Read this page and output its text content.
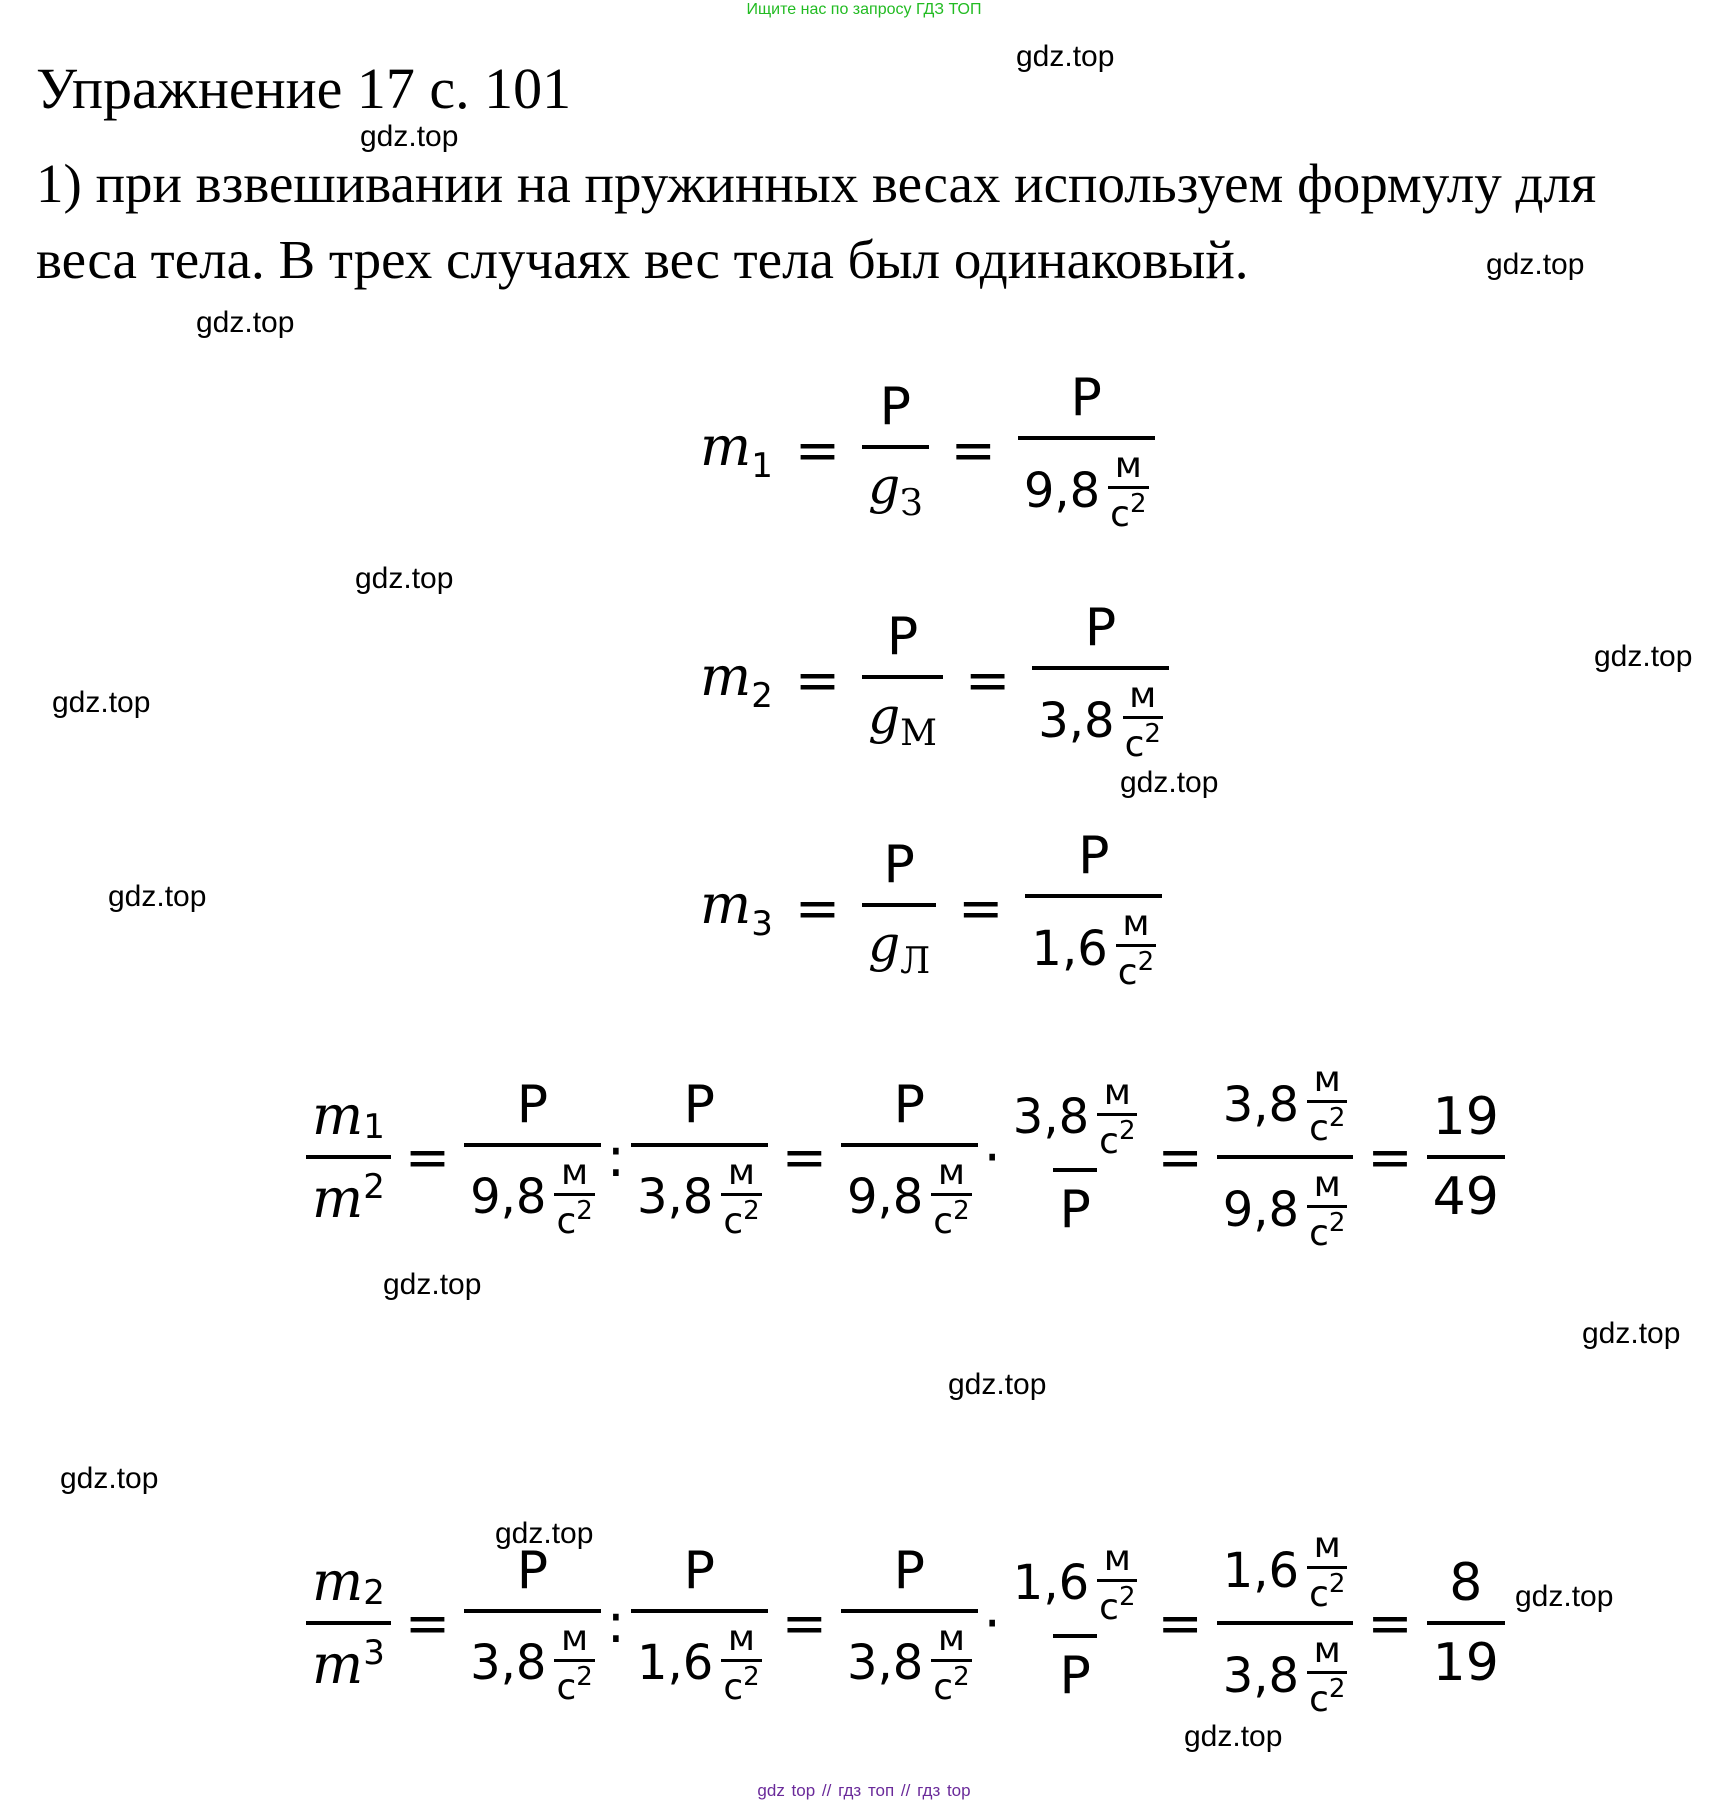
Ищите нас по запросу ГДЗ ТОП
Упражнение 17 с. 101
1) при взвешивании на пружинных весах используем формулу для
веса тела. В трех случаях вес тела был одинаковый.
gdz.top
gdz.top
gdz.top
gdz.top
gdz.top
gdz.top
gdz.top
gdz.top
gdz.top
gdz.top
gdz.top
gdz.top
gdz.top
gdz.top
gdz.top
gdz.top
$m_1 = \frac{P}{g_З} = P$
9,8 м
$с^2$
$m_2 = \frac{P}{g_М} = P$
3,8 м
$с^2$
$m_3 = \frac{P}{g_Л} = P$
1,6 м
$с^2$
$\frac{m 1}{m 2} = P$
9,8 м
$с^2$ : P
3,8 м
$с^2 = P$
9,8 м
$с^2 \cdot 3,8$ м
$с^2$
P = 3,8 м
$с^2$
9,8 м
$с^2 = \frac{19}{49}$
$\frac{m 2}{m 3} = P$
3,8 м
$с^2$ : P
1,6 м
$с^2 = P$
3,8 м
$с^2 \cdot 1,6$ м
$с^2$
P = 1,6 м
$с^2$
3,8 м
$с^2 = \frac{8}{19}$
gdz top // гдз топ // гдз top
